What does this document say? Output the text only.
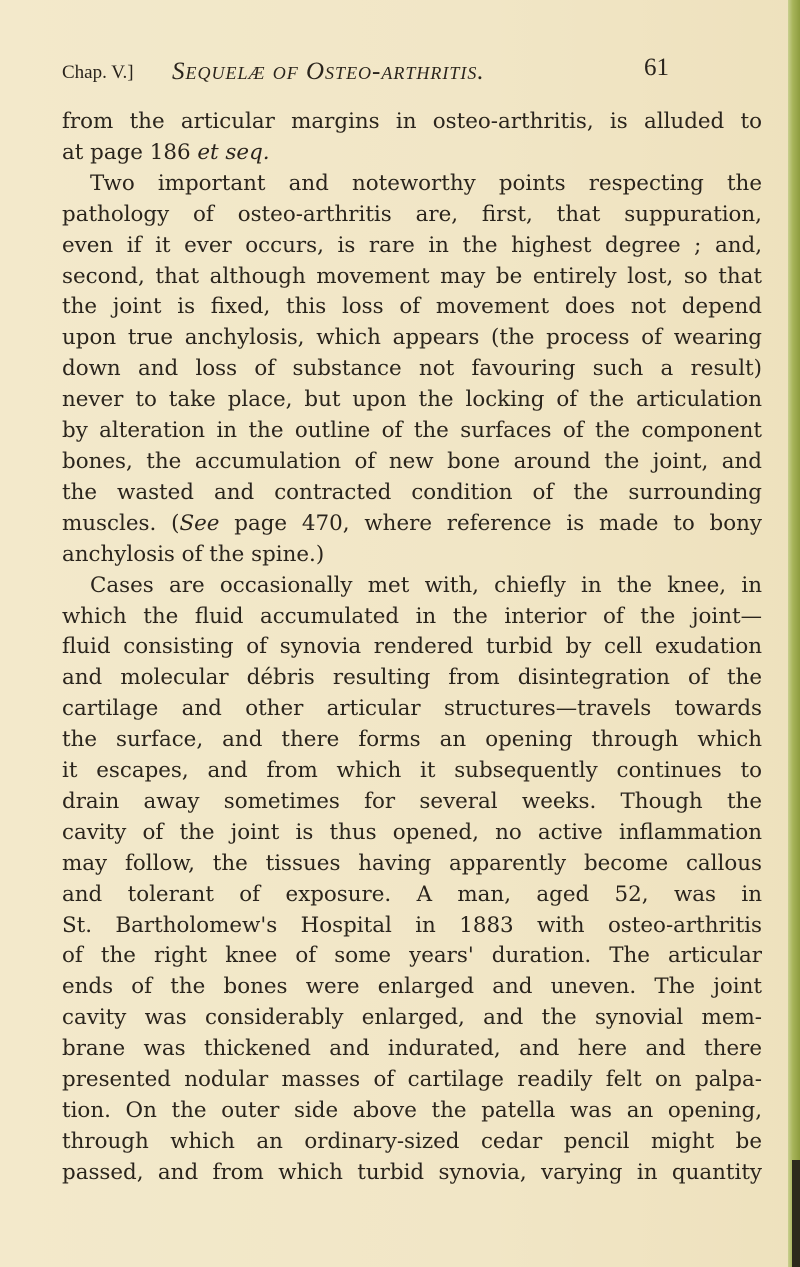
Chap. V.] Sequelæ of Osteo-arthritis.	61
from the articular margins in osteo-arthritis, is alluded to
at page 186 et seq.
Two important and noteworthy points respecting the
pathology of osteo-arthritis are, first, that suppuration,
even if it ever occurs, is rare in the highest degree ; and,
second, that although movement may be entirely lost, so that
the joint is fixed, this loss of movement does not depend
upon true anchylosis, which appears (the process of wearing
down and loss of substance not favouring such a result)
never to take place, but upon the locking of the articulation
by alteration in the outline of the surfaces of the component
bones, the accumulation of new bone around the joint, and
the wasted and contracted condition of the surrounding
muscles. (See page 470, where reference is made to bony
anchylosis of the spine.)
Cases are occasionally met with, chiefly in the knee, in
which the fluid accumulated in the interior of the joint—
fluid consisting of synovia rendered turbid by cell exudation
and molecular débris resulting from disintegration of the
cartilage and other articular structures—travels towards
the surface, and there forms an opening through which
it escapes, and from which it subsequently continues to
drain away sometimes for several weeks. Though the
cavity of the joint is thus opened, no active inflammation
may follow, the tissues having apparently become callous
and tolerant of exposure. A man, aged 52, was in
St. Bartholomew's Hospital in 1883 with osteo-arthritis
of the right knee of some years' duration. The articular
ends of the bones were enlarged and uneven. The joint
cavity was considerably enlarged, and the synovial mem-
brane was thickened and indurated, and here and there
presented nodular masses of cartilage readily felt on palpa-
tion. On the outer side above the patella was an opening,
through which an ordinary-sized cedar pencil might be
passed, and from which turbid synovia, varying in quantity
